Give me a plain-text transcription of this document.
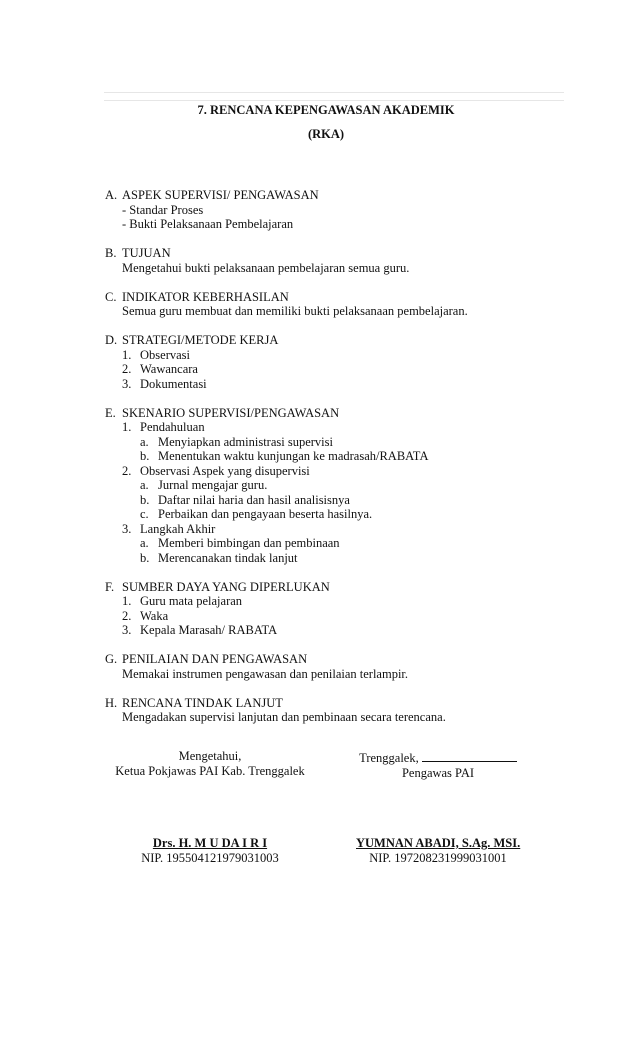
7. RENCANA KEPENGAWASAN AKADEMIK
(RKA)
A. ASPEK SUPERVISI/ PENGAWASAN
- Standar Proses
- Bukti Pelaksanaan Pembelajaran
B. TUJUAN
Mengetahui bukti pelaksanaan pembelajaran semua guru.
C. INDIKATOR KEBERHASILAN
Semua guru membuat dan memiliki bukti pelaksanaan pembelajaran.
D. STRATEGI/METODE KERJA
1. Observasi
2. Wawancara
3. Dokumentasi
E. SKENARIO SUPERVISI/PENGAWASAN
1. Pendahuluan
a. Menyiapkan administrasi supervisi
b. Menentukan waktu kunjungan ke madrasah/RABATA
2. Observasi Aspek yang disupervisi
a. Jurnal mengajar guru.
b. Daftar nilai haria dan hasil analisisnya
c. Perbaikan dan pengayaan beserta hasilnya.
3. Langkah Akhir
a. Memberi bimbingan dan pembinaan
b. Merencanakan tindak lanjut
F. SUMBER DAYA YANG DIPERLUKAN
1. Guru mata pelajaran
2. Waka
3. Kepala Marasah/ RABATA
G. PENILAIAN DAN PENGAWASAN
Memakai instrumen pengawasan dan penilaian terlampir.
H. RENCANA TINDAK LANJUT
Mengadakan supervisi lanjutan dan pembinaan secara terencana.
Mengetahui,
Ketua Pokjawas PAI Kab. Trenggalek
Trenggalek,
Pengawas PAI
Drs. H. M U DA I R I
NIP. 195504121979031003
YUMNAN ABADI, S.Ag. MSI.
NIP. 197208231999031001
